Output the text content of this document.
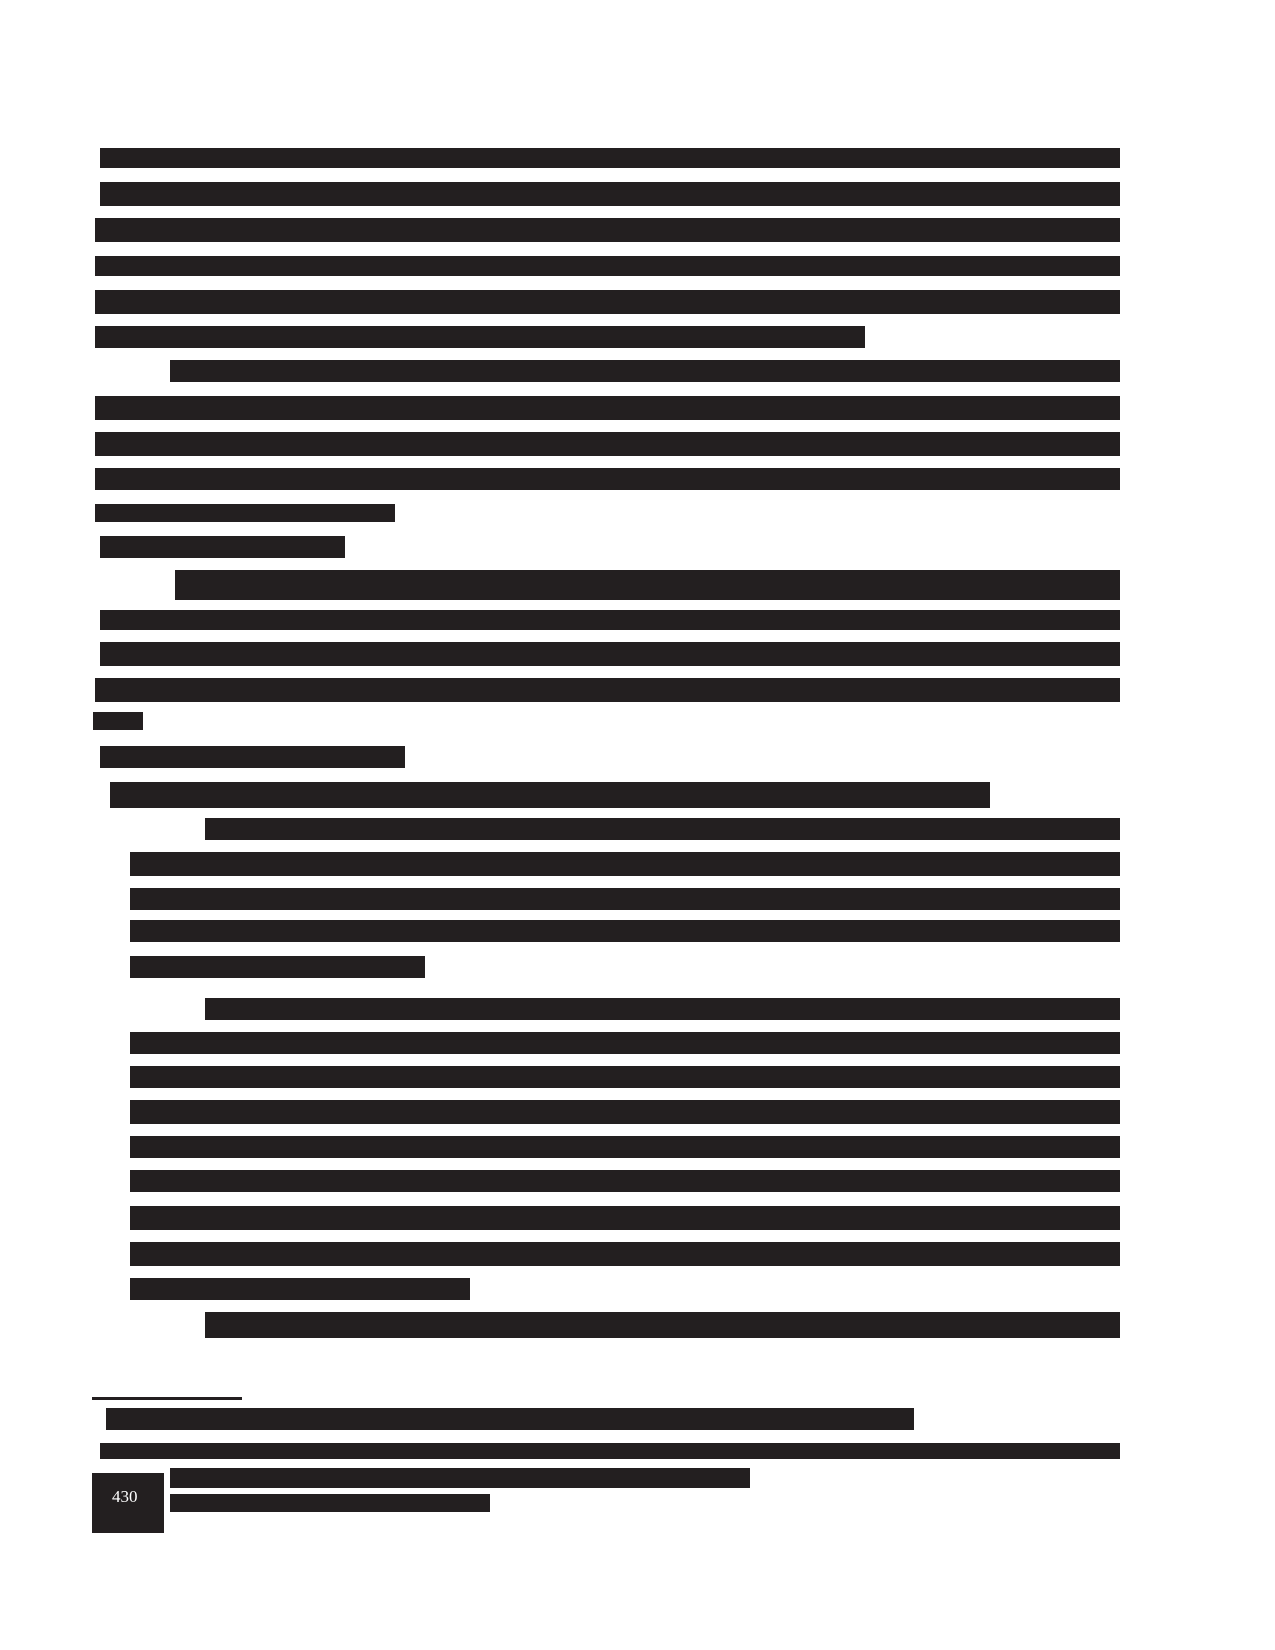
430
